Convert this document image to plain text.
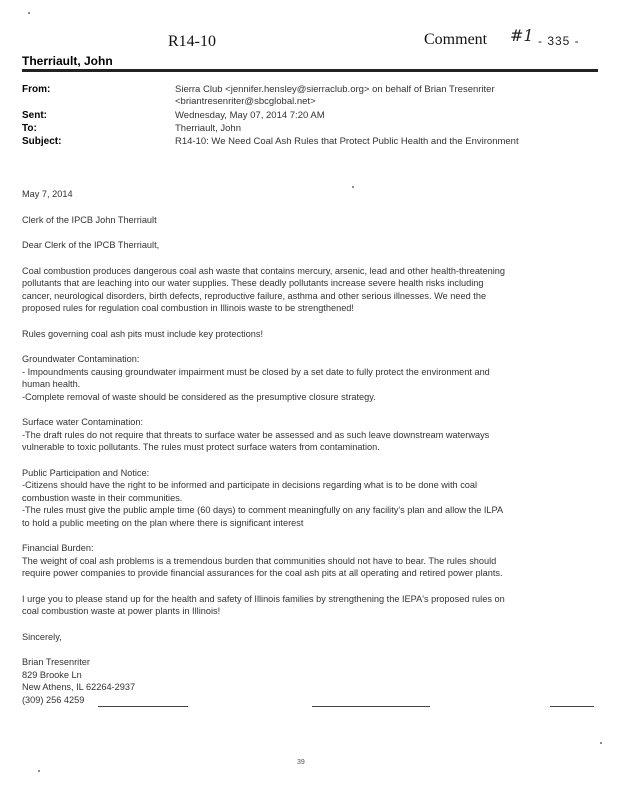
R14-10	Comment #1 - 335 -
Therriault, John
From:	Sierra Club <jennifer.hensley@sierraclub.org> on behalf of Brian Tresenriter
<briantresenriter@sbcglobal.net>
Sent:	Wednesday, May 07, 2014 7:20 AM
To:	Therriault, John
Subject:	R14-10: We Need Coal Ash Rules that Protect Public Health and the Environment

May 7, 2014

Clerk of the IPCB John Therriault

Dear Clerk of the IPCB Therriault,

Coal combustion produces dangerous coal ash waste that contains mercury, arsenic, lead and other health-threatening
pollutants that are leaching into our water supplies. These deadly pollutants increase severe health risks including
cancer, neurological disorders, birth defects, reproductive failure, asthma and other serious illnesses. We need the
proposed rules for regulation coal combustion in Illinois waste to be strengthened!

Rules governing coal ash pits must include key protections!

Groundwater Contamination:
- Impoundments causing groundwater impairment must be closed by a set date to fully protect the environment and
human health.
-Complete removal of waste should be considered as the presumptive closure strategy.

Surface water Contamination:
-The draft rules do not require that threats to surface water be assessed and as such leave downstream waterways
vulnerable to toxic pollutants. The rules must protect surface waters from contamination.

Public Participation and Notice:
-Citizens should have the right to be informed and participate in decisions regarding what is to be done with coal
combustion waste in their communities.
-The rules must give the public ample time (60 days) to comment meaningfully on any facility's plan and allow the ILPA
to hold a public meeting on the plan where there is significant interest

Financial Burden:
The weight of coal ash problems is a tremendous burden that communities should not have to bear. The rules should
require power companies to provide financial assurances for the coal ash pits at all operating and retired power plants.

I urge you to please stand up for the health and safety of Illinois families by strengthening the IEPA's proposed rules on
coal combustion waste at power plants in Illinois!

Sincerely,

Brian Tresenriter
829 Brooke Ln
New Athens, IL 62264-2937
(309) 256 4259

39
